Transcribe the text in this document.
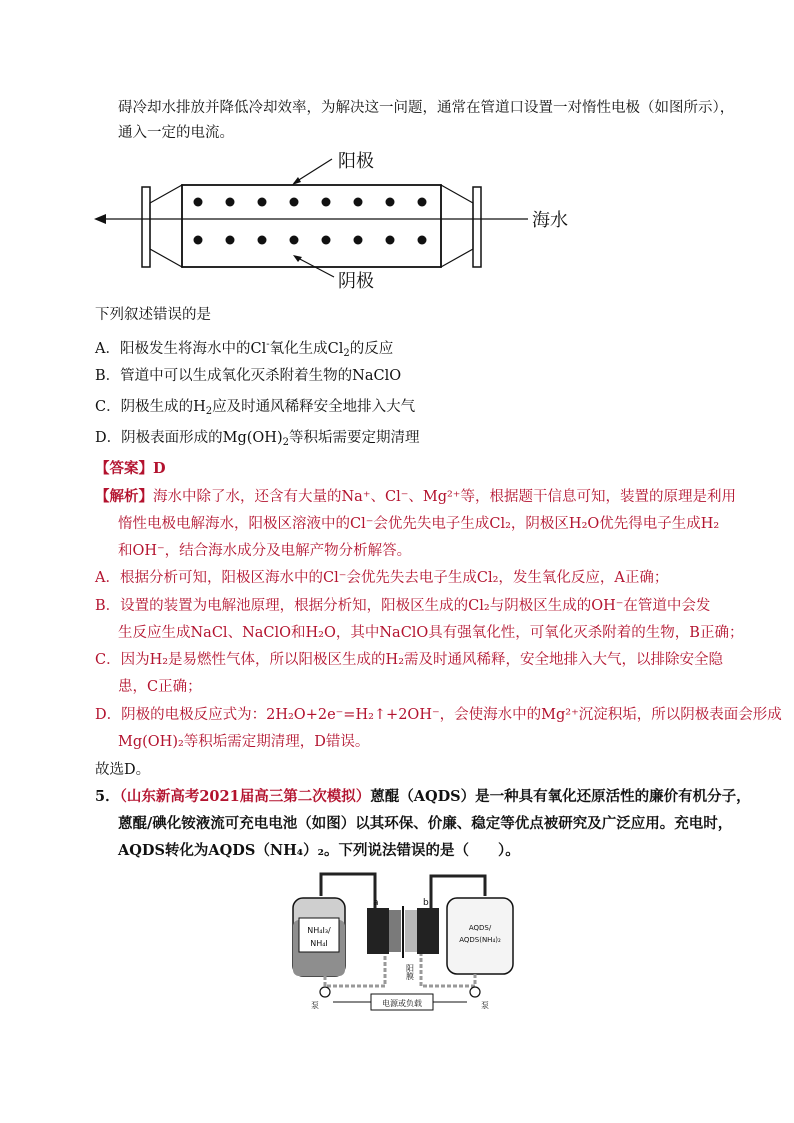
碍冷却水排放并降低冷却效率，为解决这一问题，通常在管道口设置一对惰性电极（如图所示），
通入一定的电流。
阳极
阴极
海水
下列叙述错误的是
A．阳极发生将海水中的Cl-氧化生成$Cl_2$的反应
B．管道中可以生成氧化灭杀附着生物的NaClO
C．阴极生成的$H_2$应及时通风稀释安全地排入大气
D．阴极表面形成的$Mg(OH)_2$等积垢需要定期清理
【答案】D
【解析】海水中除了水，还含有大量的Na⁺、Cl⁻、Mg²⁺等，根据题干信息可知，装置的原理是利用
惰性电极电解海水，阳极区溶液中的Cl⁻会优先失电子生成Cl₂，阴极区H₂O优先得电子生成H₂
和OH⁻，结合海水成分及电解产物分析解答。
A．根据分析可知，阳极区海水中的Cl⁻会优先失去电子生成Cl₂，发生氧化反应，A正确；
B．设置的装置为电解池原理，根据分析知，阳极区生成的Cl₂与阴极区生成的OH⁻在管道中会发
生反应生成NaCl、NaClO和H₂O，其中NaClO具有强氧化性，可氧化灭杀附着的生物，B正确；
C．因为H₂是易燃性气体，所以阳极区生成的H₂需及时通风稀释，安全地排入大气，以排除安全隐
患，C正确；
D．阴极的电极反应式为：2H₂O+2e⁻=H₂↑+2OH⁻，会使海水中的Mg²⁺沉淀积垢，所以阴极表面会形成
Mg(OH)₂等积垢需定期清理，D错误。
故选D。
5．（山东新高考2021届高三第二次模拟）蒽醌（AQDS）是一种具有氧化还原活性的廉价有机分子，
蒽醌/碘化铵液流可充电电池（如图）以其环保、价廉、稳定等优点被研究及广泛应用。充电时，
AQDS转化为AQDS（NH₄）₂。下列说法错误的是（　　）。
NH₄I₃/
NH₄I
AQDS/
AQDS(NH₄)₂
a	b
阳膜
泵	泵
电源或负载
